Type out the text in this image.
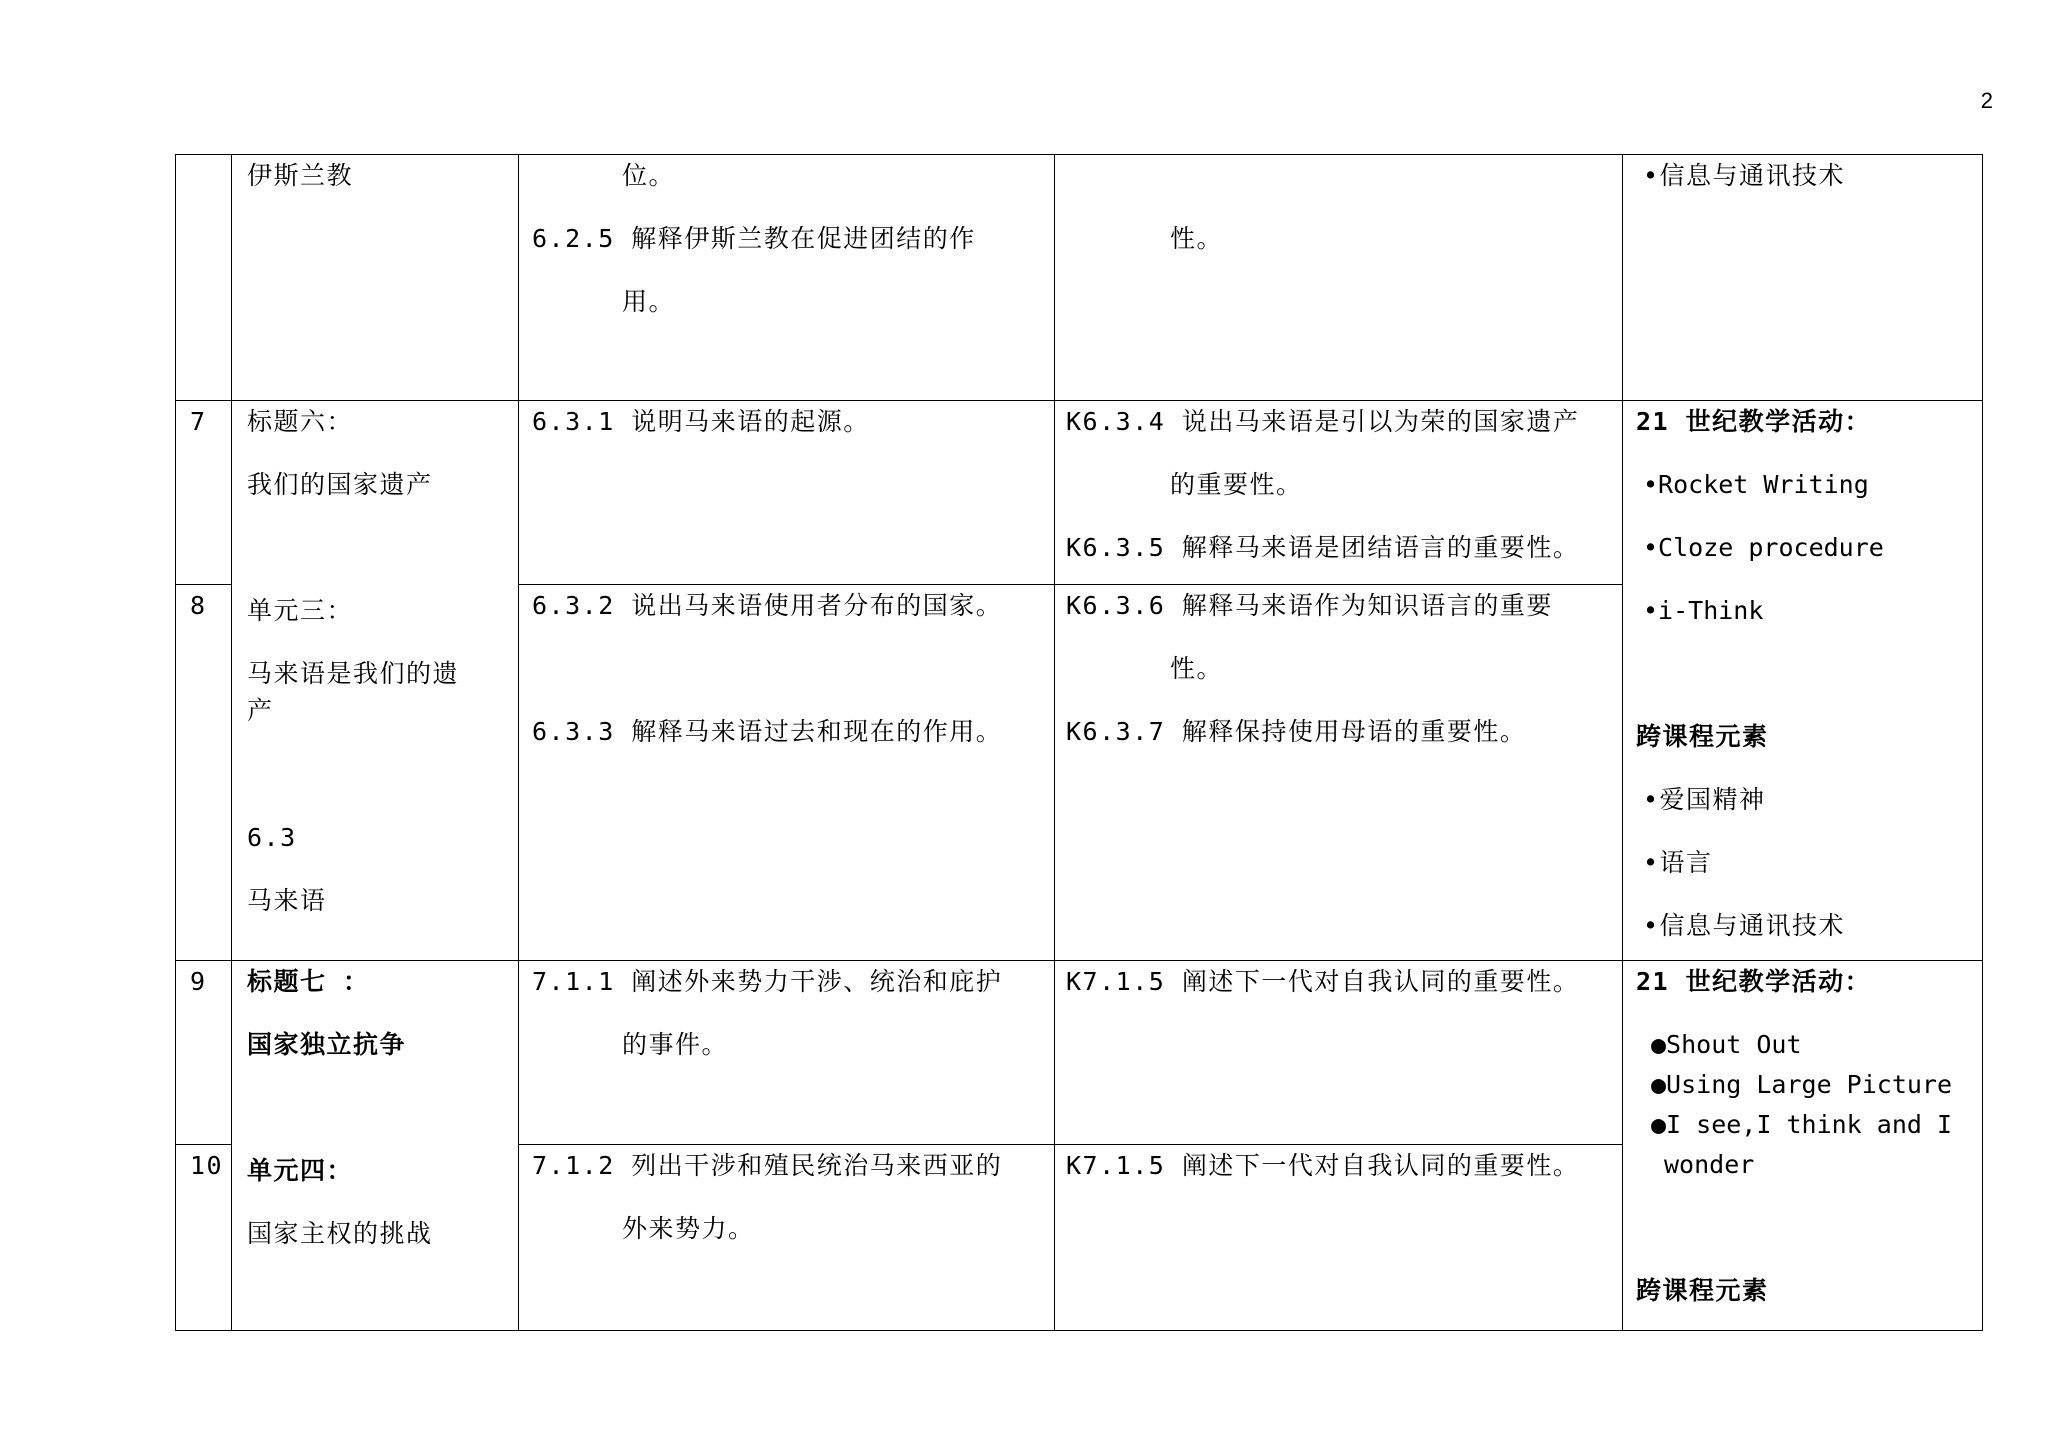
2
伊斯兰教	位。
6.2.5 解释伊斯兰教在促进团结的作
用。
性。
•信息与通讯技术
7
8
标题六：
我们的国家遗产
单元三：
马来语是我们的遗
产
6.3
马来语
6.3.1 说明马来语的起源。
6.3.2 说出马来语使用者分布的国家。
6.3.3 解释马来语过去和现在的作用。
K6.3.4 说出马来语是引以为荣的国家遗产
的重要性。
K6.3.5 解释马来语是团结语言的重要性。
K6.3.6 解释马来语作为知识语言的重要
性。
K6.3.7 解释保持使用母语的重要性。
21 世纪教学活动：
•Rocket Writing
•Cloze procedure
•i-Think
跨课程元素
•爱国精神
•语言
•信息与通讯技术
9
10
标题七 ：
国家独立抗争
单元四：
国家主权的挑战
7.1.1 阐述外来势力干涉、统治和庇护
的事件。
7.1.2 列出干涉和殖民统治马来西亚的
外来势力。
K7.1.5 阐述下一代对自我认同的重要性。
K7.1.5 阐述下一代对自我认同的重要性。
21 世纪教学活动：
●Shout Out
●Using Large Picture
●I see,I think and I
wonder
跨课程元素
